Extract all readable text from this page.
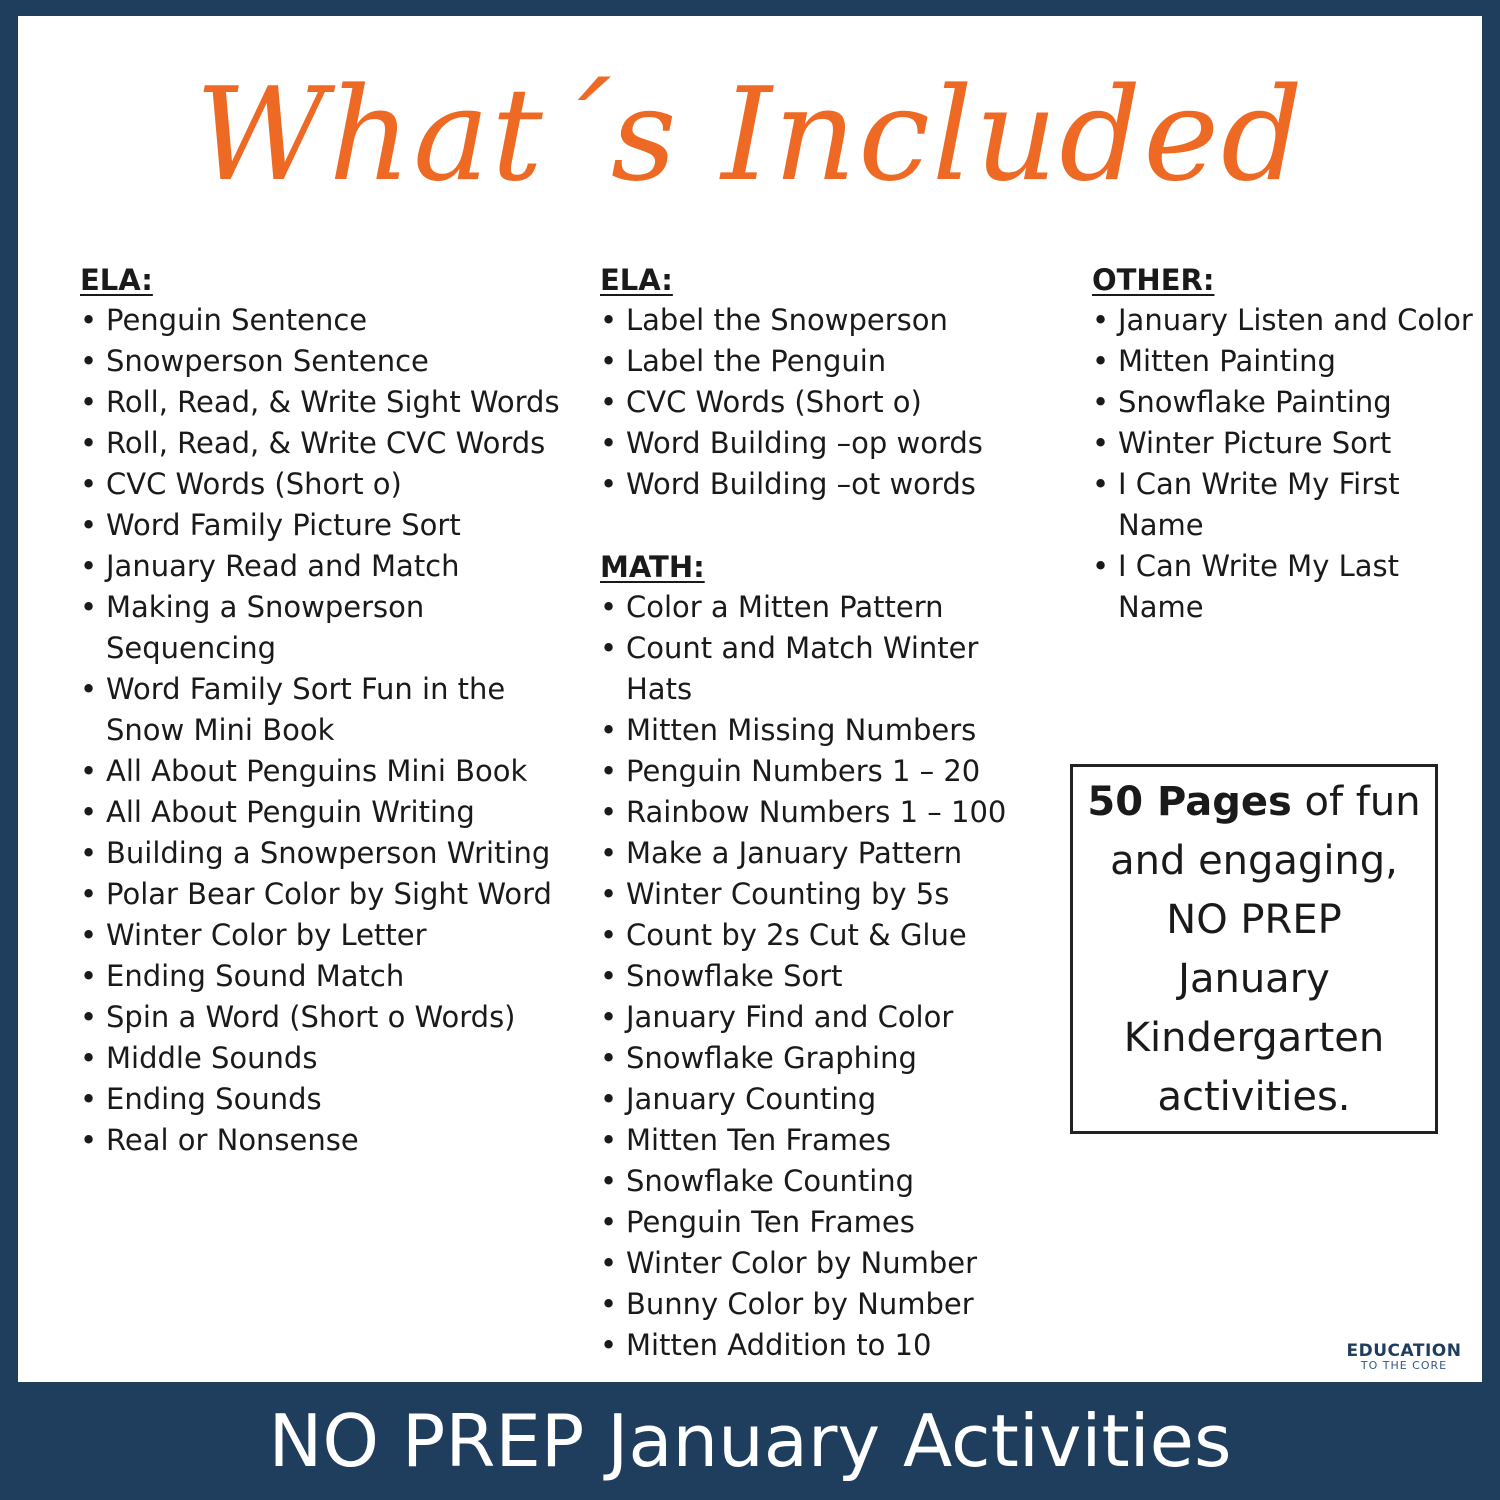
What´s Included
ELA:
• Penguin Sentence
• Snowperson Sentence
• Roll, Read, & Write Sight Words
• Roll, Read, & Write CVC Words
• CVC Words (Short o)
• Word Family Picture Sort
• January Read and Match
• Making a Snowperson Sequencing
• Word Family Sort Fun in the Snow Mini Book
• All About Penguins Mini Book
• All About Penguin Writing
• Building a Snowperson Writing
• Polar Bear Color by Sight Word
• Winter Color by Letter
• Ending Sound Match
• Spin a Word (Short o Words)
• Middle Sounds
• Ending Sounds
• Real or Nonsense
ELA:
• Label the Snowperson
• Label the Penguin
• CVC Words (Short o)
• Word Building –op words
• Word Building –ot words
MATH:
• Color a Mitten Pattern
• Count and Match Winter Hats
• Mitten Missing Numbers
• Penguin Numbers 1 – 20
• Rainbow Numbers 1 – 100
• Make a January Pattern
• Winter Counting by 5s
• Count by 2s Cut & Glue
• Snowflake Sort
• January Find and Color
• Snowflake Graphing
• January Counting
• Mitten Ten Frames
• Snowflake Counting
• Penguin Ten Frames
• Winter Color by Number
• Bunny Color by Number
• Mitten Addition to 10
OTHER:
• January Listen and Color
• Mitten Painting
• Snowflake Painting
• Winter Picture Sort
• I Can Write My First Name
• I Can Write My Last Name
50 Pages of fun
and engaging,
NO PREP
January
Kindergarten
activities.
EDUCATION
TO THE CORE
NO PREP January Activities
